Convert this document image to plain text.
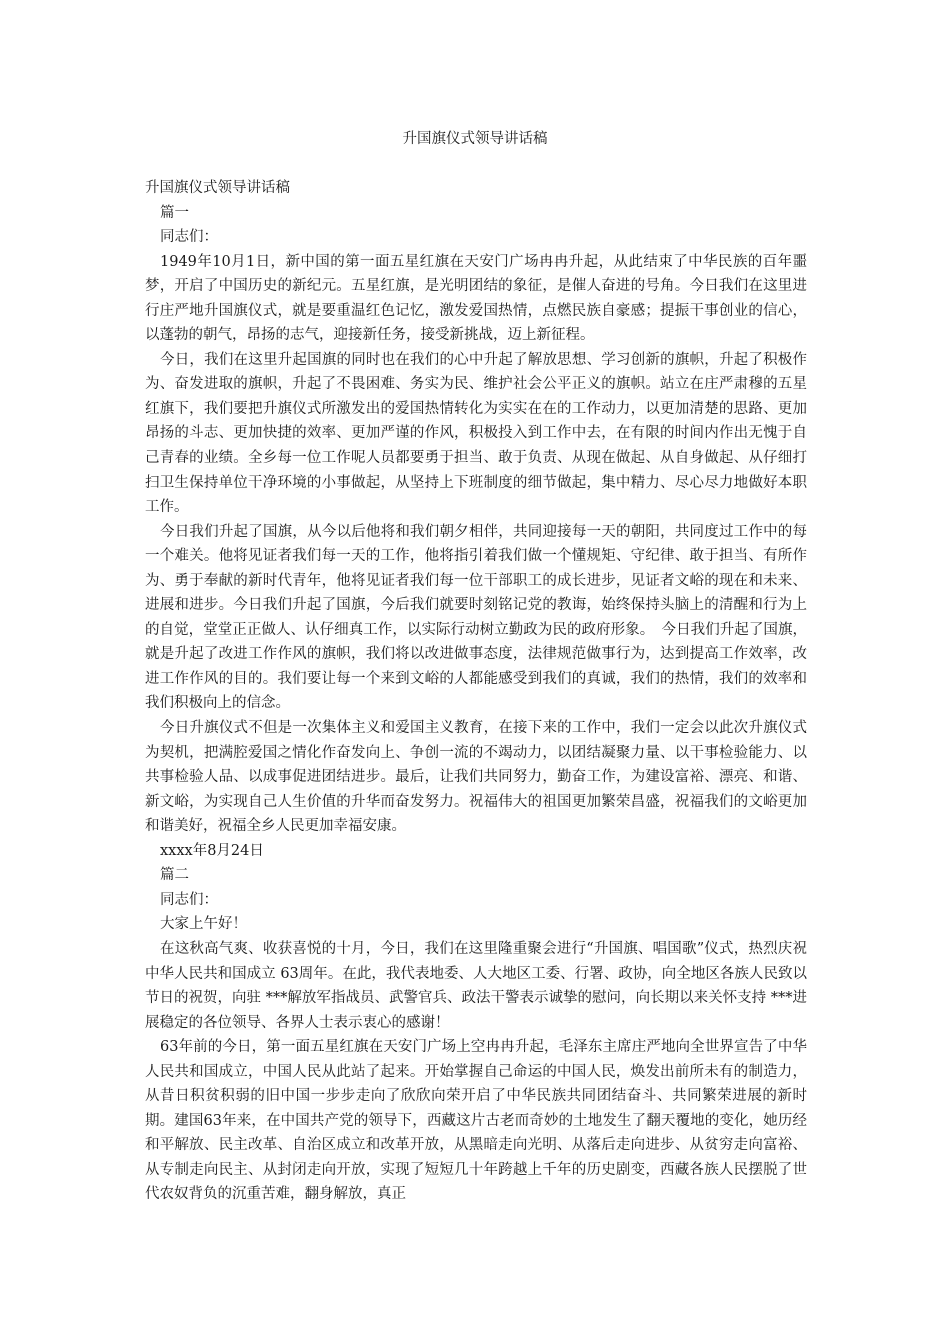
升国旗仪式领导讲话稿

升国旗仪式领导讲话稿

篇一

同志们：

1949年10月1日，新中国的第一面五星红旗在天安门广场冉冉升起，从此结束了中华民族的百年噩梦，开启了中国历史的新纪元。五星红旗，是光明团结的象征，是催人奋进的号角。今日我们在这里进行庄严地升国旗仪式，就是要重温红色记忆，激发爱国热情，点燃民族自豪感；提振干事创业的信心，以蓬勃的朝气，昂扬的志气，迎接新任务，接受新挑战，迈上新征程。

今日，我们在这里升起国旗的同时也在我们的心中升起了解放思想、学习创新的旗帜，升起了积极作为、奋发进取的旗帜，升起了不畏困难、务实为民、维护社会公平正义的旗帜。站立在庄严肃穆的五星红旗下，我们要把升旗仪式所激发出的爱国热情转化为实实在在的工作动力，以更加清楚的思路、更加昂扬的斗志、更加快捷的效率、更加严谨的作风，积极投入到工作中去，在有限的时间内作出无愧于自己青春的业绩。全乡每一位工作呢人员都要勇于担当、敢于负责、从现在做起、从自身做起、从仔细打扫卫生保持单位干净环境的小事做起，从坚持上下班制度的细节做起，集中精力、尽心尽力地做好本职工作。

今日我们升起了国旗，从今以后他将和我们朝夕相伴，共同迎接每一天的朝阳，共同度过工作中的每一个难关。他将见证者我们每一天的工作，他将指引着我们做一个懂规矩、守纪律、敢于担当、有所作为、勇于奉献的新时代青年，他将见证者我们每一位干部职工的成长进步，见证者文峪的现在和未来、进展和进步。今日我们升起了国旗，今后我们就要时刻铭记党的教诲，始终保持头脑上的清醒和行为上的自觉，堂堂正正做人、认仔细真工作，以实际行动树立勤政为民的政府形象。　今日我们升起了国旗，就是升起了改进工作作风的旗帜，我们将以改进做事态度，法律规范做事行为，达到提高工作效率，改进工作作风的目的。我们要让每一个来到文峪的人都能感受到我们的真诚，我们的热情，我们的效率和我们积极向上的信念。

今日升旗仪式不但是一次集体主义和爱国主义教育，在接下来的工作中，我们一定会以此次升旗仪式为契机，把满腔爱国之情化作奋发向上、争创一流的不竭动力，以团结凝聚力量、以干事检验能力、以共事检验人品、以成事促进团结进步。最后，让我们共同努力，勤奋工作，为建设富裕、漂亮、和谐、新文峪，为实现自己人生价值的升华而奋发努力。祝福伟大的祖国更加繁荣昌盛，祝福我们的文峪更加和谐美好，祝福全乡人民更加幸福安康。

xxxx年8月24日

篇二

同志们：

大家上午好！

在这秋高气爽、收获喜悦的十月，今日，我们在这里隆重聚会进行“升国旗、唱国歌”仪式，热烈庆祝中华人民共和国成立 63周年。在此，我代表地委、人大地区工委、行署、政协，向全地区各族人民致以节日的祝贺，向驻 ***解放军指战员、武警官兵、政法干警表示诚挚的慰问，向长期以来关怀支持 ***进展稳定的各位领导、各界人士表示衷心的感谢！

63年前的今日，第一面五星红旗在天安门广场上空冉冉升起，毛泽东主席庄严地向全世界宣告了中华人民共和国成立，中国人民从此站了起来。开始掌握自己命运的中国人民，焕发出前所未有的制造力，从昔日积贫积弱的旧中国一步步走向了欣欣向荣开启了中华民族共同团结奋斗、共同繁荣进展的新时期。建国63年来，在中国共产党的领导下，西藏这片古老而奇妙的土地发生了翻天覆地的变化，她历经和平解放、民主改革、自治区成立和改革开放，从黑暗走向光明、从落后走向进步、从贫穷走向富裕、从专制走向民主、从封闭走向开放，实现了短短几十年跨越上千年的历史剧变，西藏各族人民摆脱了世代农奴背负的沉重苦难，翻身解放，真正
